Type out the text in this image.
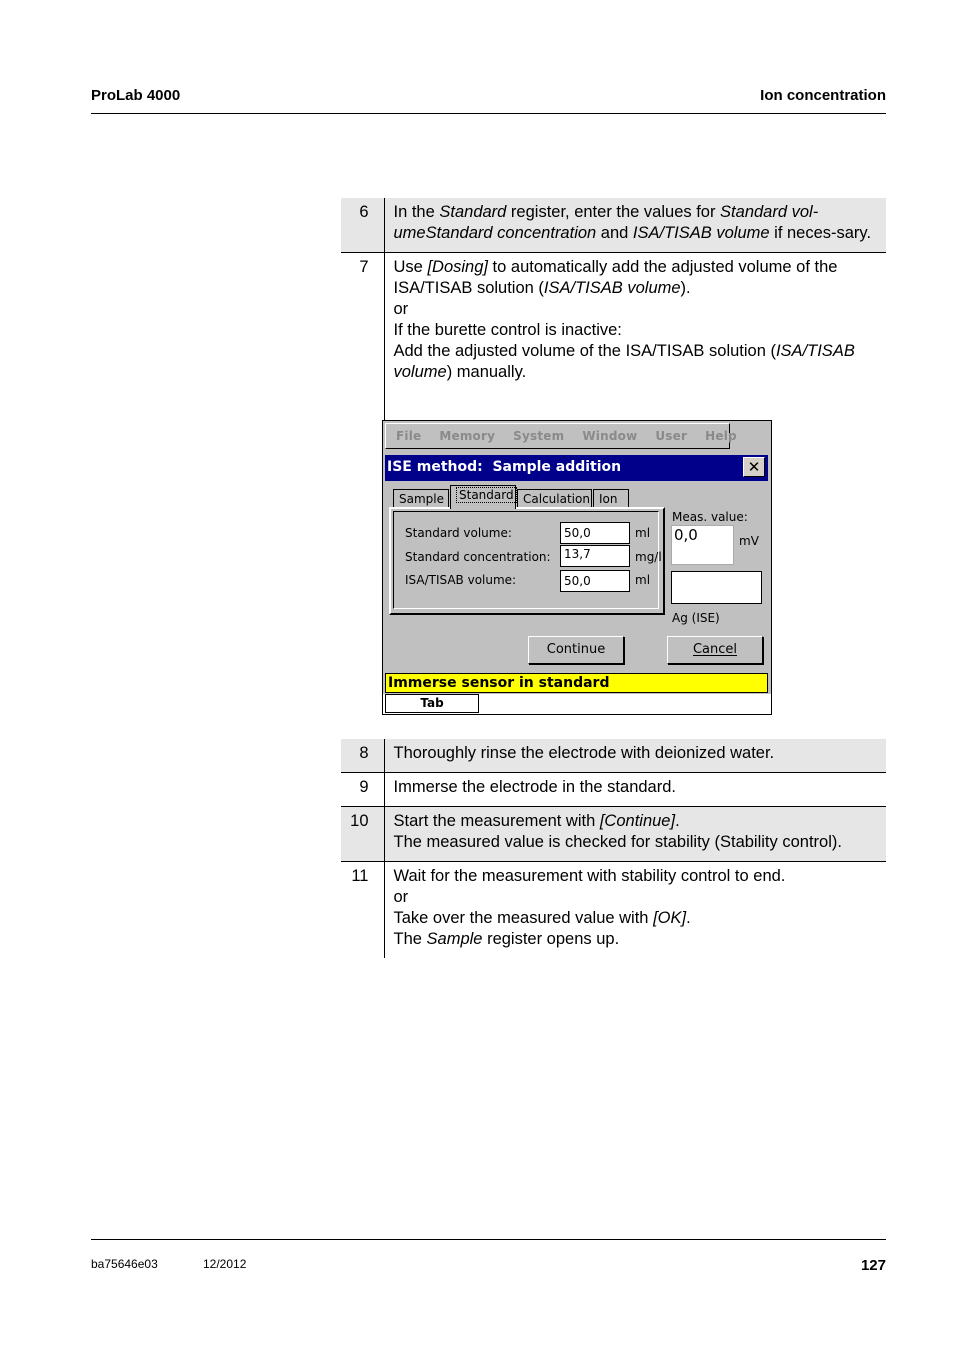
ProLab 4000	Ion concentration
6	In the Standard register, enter the values for Standard vol-umeStandard concentration and ISA/TISAB volume if neces-sary.
7	Use [Dosing] to automatically add the adjusted volume of the ISA/TISAB solution (ISA/TISAB volume).
or
If the burette control is inactive:
Add the adjusted volume of the ISA/TISAB solution (ISA/TISAB volume) manually.
File Memory System Window User Help
ISE method:  Sample addition	✕
Sample	Standard Calculation Ion
Standard volume:	50,0	ml
Standard concentration:	13,7	mg/l
ISA/TISAB volume:	50,0	ml
Meas. value:
0,0	mV
Ag (ISE)
Continue	Cancel
Immerse sensor in standard
Tab
8	Thoroughly rinse the electrode with deionized water.
9	Immerse the electrode in the standard.
10	Start the measurement with [Continue].
The measured value is checked for stability (Stability control).
11	Wait for the measurement with stability control to end.
or
Take over the measured value with [OK].
The Sample register opens up.
ba75646e03	12/2012	127
